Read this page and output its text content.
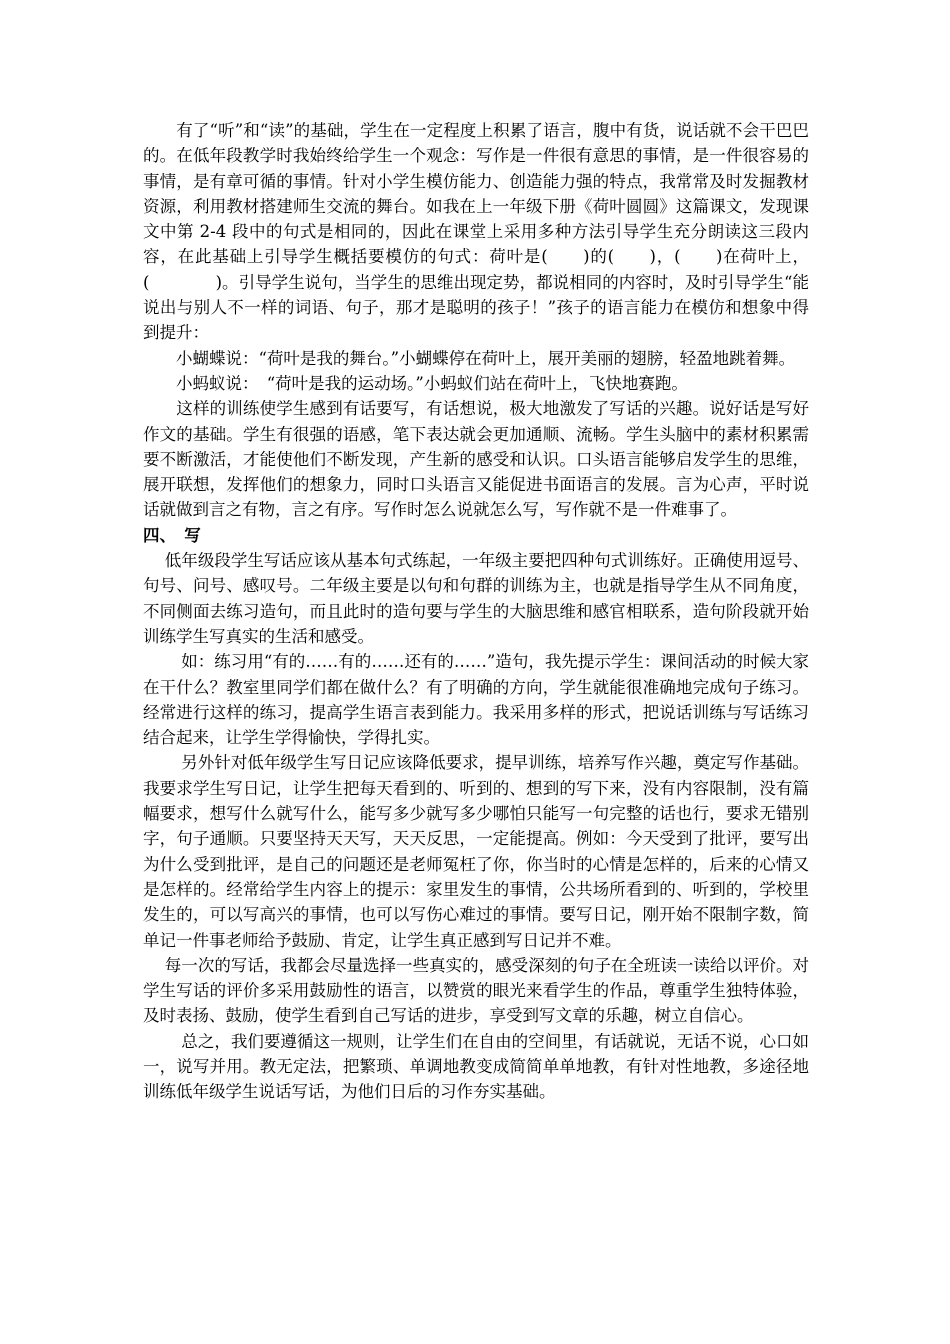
　　有了“听”和“读”的基础，学生在一定程度上积累了语言，腹中有货，说话就不会干巴巴的。在低年段教学时我始终给学生一个观念：写作是一件很有意思的事情，是一件很容易的事情，是有章可循的事情。针对小学生模仿能力、创造能力强的特点，我常常及时发掘教材资源，利用教材搭建师生交流的舞台。如我在上一年级下册《荷叶圆圆》这篇课文，发现课文中第 2-4 段中的句式是相同的，因此在课堂上采用多种方法引导学生充分朗读这三段内容，在此基础上引导学生概括要模仿的句式：荷叶是(　　)的(　　)，(　　)在荷叶上，(　　　　)。引导学生说句，当学生的思维出现定势，都说相同的内容时，及时引导学生“能说出与别人不一样的词语、句子，那才是聪明的孩子！”孩子的语言能力在模仿和想象中得到提升：

　　小蝴蝶说：“荷叶是我的舞台。”小蝴蝶停在荷叶上，展开美丽的翅膀，轻盈地跳着舞。

　　小蚂蚁说：　“荷叶是我的运动场。”小蚂蚁们站在荷叶上，飞快地赛跑。

　　这样的训练使学生感到有话要写，有话想说，极大地激发了写话的兴趣。说好话是写好作文的基础。学生有很强的语感，笔下表达就会更加通顺、流畅。学生头脑中的素材积累需要不断激活，才能使他们不断发现，产生新的感受和认识。口头语言能够启发学生的思维，展开联想，发挥他们的想象力，同时口头语言又能促进书面语言的发展。言为心声，平时说话就做到言之有物，言之有序。写作时怎么说就怎么写，写作就不是一件难事了。

四、　写

　 低年级段学生写话应该从基本句式练起，一年级主要把四种句式训练好。正确使用逗号、句号、问号、感叹号。二年级主要是以句和句群的训练为主，也就是指导学生从不同角度，不同侧面去练习造句，而且此时的造句要与学生的大脑思维和感官相联系，造句阶段就开始训练学生写真实的生活和感受。

　　 如：练习用“有的……有的……还有的……”造句，我先提示学生：课间活动的时候大家在干什么？教室里同学们都在做什么？有了明确的方向，学生就能很准确地完成句子练习。经常进行这样的练习，提高学生语言表到能力。我采用多样的形式，把说话训练与写话练习结合起来，让学生学得愉快，学得扎实。

　　 另外针对低年级学生写日记应该降低要求，提早训练，培养写作兴趣，奠定写作基础。我要求学生写日记，让学生把每天看到的、听到的、想到的写下来，没有内容限制，没有篇幅要求，想写什么就写什么，能写多少就写多少哪怕只能写一句完整的话也行，要求无错别字，句子通顺。只要坚持天天写，天天反思，一定能提高。例如：今天受到了批评，要写出为什么受到批评，是自己的问题还是老师冤枉了你，你当时的心情是怎样的，后来的心情又是怎样的。经常给学生内容上的提示：家里发生的事情，公共场所看到的、听到的，学校里发生的，可以写高兴的事情，也可以写伤心难过的事情。要写日记，刚开始不限制字数，简单记一件事老师给予鼓励、肯定，让学生真正感到写日记并不难。

　 每一次的写话，我都会尽量选择一些真实的，感受深刻的句子在全班读一读给以评价。对学生写话的评价多采用鼓励性的语言，以赞赏的眼光来看学生的作品，尊重学生独特体验，及时表扬、鼓励，使学生看到自己写话的进步，享受到写文章的乐趣，树立自信心。

　　 总之，我们要遵循这一规则，让学生们在自由的空间里，有话就说，无话不说，心口如一，说写并用。教无定法，把繁琐、单调地教变成简简单单地教，有针对性地教，多途径地训练低年级学生说话写话，为他们日后的习作夯实基础。
